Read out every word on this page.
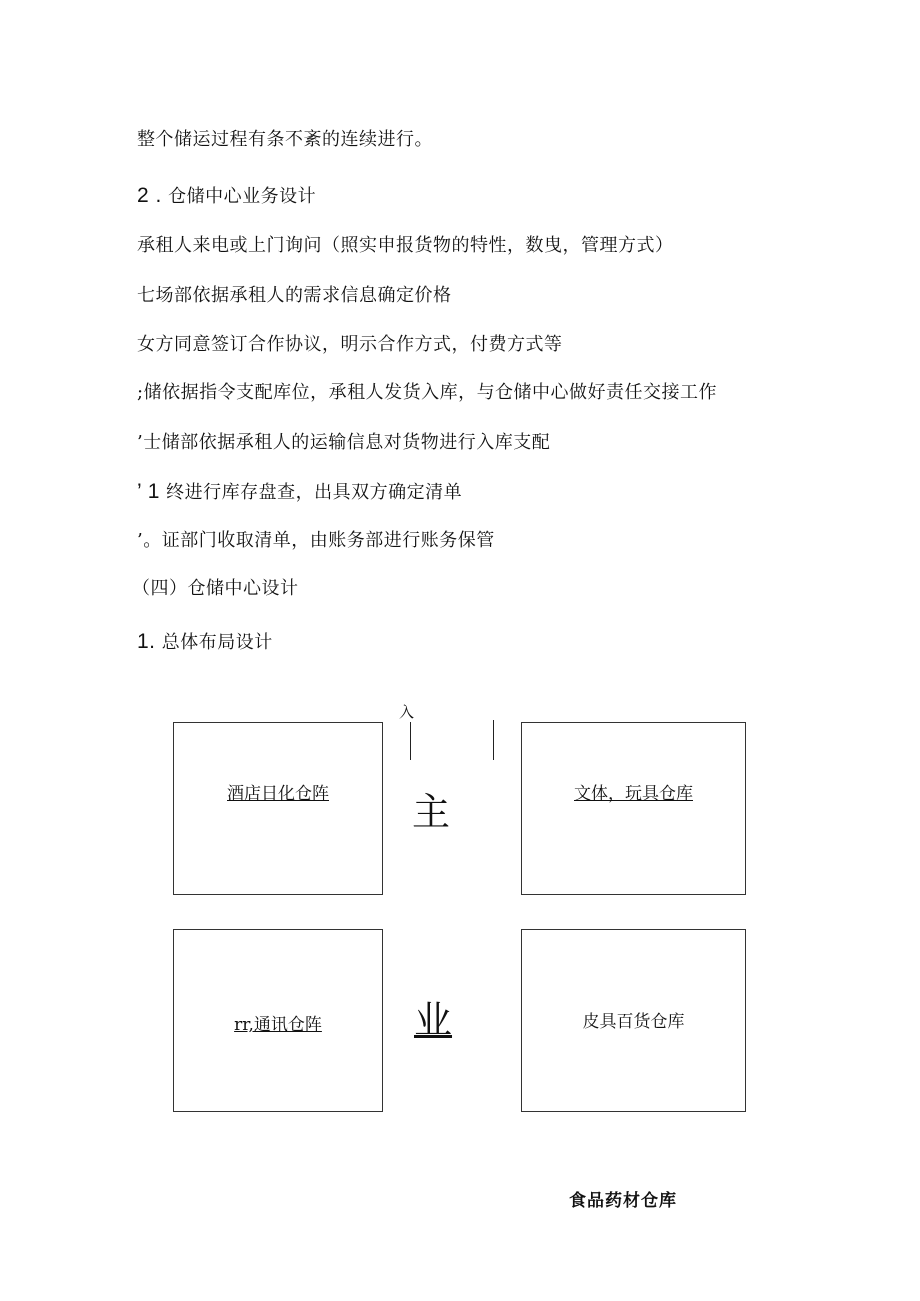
整个储运过程有条不紊的连续进行。
2 . 仓储中心业务设计
承租人来电或上门询问（照实申报货物的特性，数曳，管理方式）
七场部依据承租人的需求信息确定价格
女方同意签订合作协议，明示合作方式，付费方式等
;储依据指令支配库位，承租人发货入库，与仓储中心做好责任交接工作
’士储部依据承租人的运输信息对货物进行入库支配
’ 1 终进行库存盘查，出具双方确定清单
’。证部门收取清单，由账务部进行账务保管
（四）仓储中心设计
1. 总体布局设计
入
酒店日化仓阵	文体，玩具仓库
主
rr,通讯仓阵	皮具百货仓库
业
食品药材仓库
